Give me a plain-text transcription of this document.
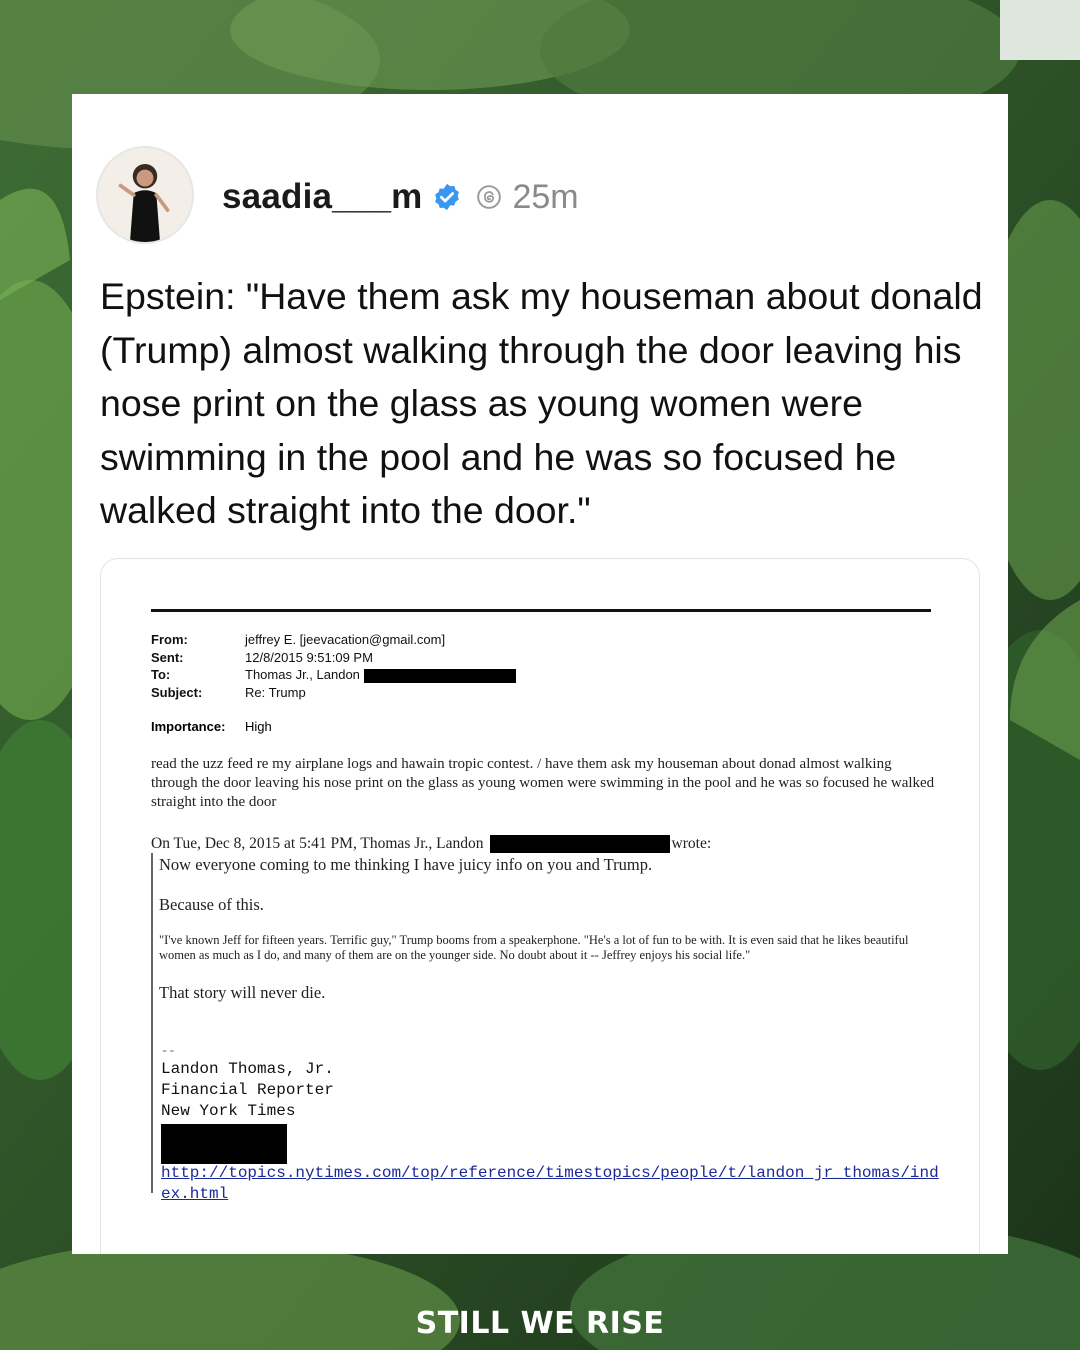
saadia___m	25m
Epstein: "Have them ask my houseman about donald (Trump) almost walking through the door leaving his nose print on the glass as young women were swimming in the pool and he was so focused he walked straight into the door."
From:	jeffrey E. [jeevacation@gmail.com]
Sent:	12/8/2015 9:51:09 PM
To:	Thomas Jr., Landon
Subject:	Re: Trump
Importance:	High
read the uzz feed re my airplane logs and hawain tropic contest. / have them ask my houseman about donad almost walking through the door leaving his nose print on the glass as young women were swimming in the pool and he was so focused he walked straight into the door
On Tue, Dec 8, 2015 at 5:41 PM, Thomas Jr., Landon	wrote:
Now everyone coming to me thinking I have juicy info on you and Trump.
Because of this.
"I've known Jeff for fifteen years. Terrific guy," Trump booms from a speakerphone. "He's a lot of fun to be with. It is even said that he likes beautiful women as much as I do, and many of them are on the younger side. No doubt about it -- Jeffrey enjoys his social life."
That story will never die.
--
Landon Thomas, Jr.
Financial Reporter
New York Times
http://topics.nytimes.com/top/reference/timestopics/people/t/landon_jr_thomas/index.html
STILL WE RISE
